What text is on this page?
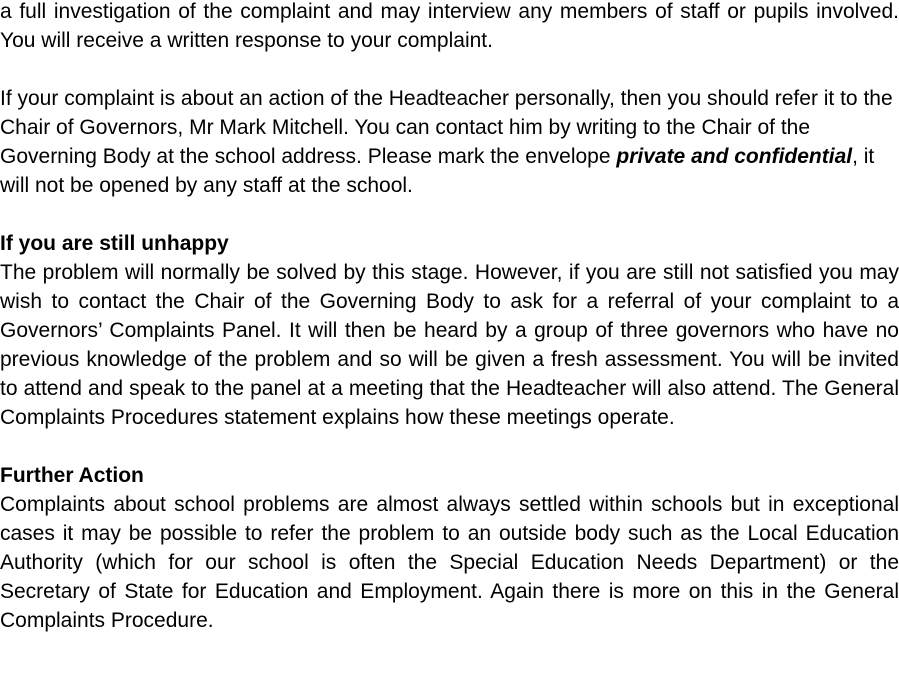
a full investigation of the complaint and may interview any members of staff or pupils involved. You will receive a written response to your complaint.

If your complaint is about an action of the Headteacher personally, then you should refer it to the Chair of Governors, Mr Mark Mitchell. You can contact him by writing to the Chair of the Governing Body at the school address. Please mark the envelope private and confidential, it will not be opened by any staff at the school.

If you are still unhappy

The problem will normally be solved by this stage. However, if you are still not satisfied you may wish to contact the Chair of the Governing Body to ask for a referral of your complaint to a Governors’ Complaints Panel. It will then be heard by a group of three governors who have no previous knowledge of the problem and so will be given a fresh assessment. You will be invited to attend and speak to the panel at a meeting that the Headteacher will also attend. The General Complaints Procedures statement explains how these meetings operate.

Further Action

Complaints about school problems are almost always settled within schools but in exceptional cases it may be possible to refer the problem to an outside body such as the Local Education Authority (which for our school is often the Special Education Needs Department) or the Secretary of State for Education and Employment. Again there is more on this in the General Complaints Procedure.
